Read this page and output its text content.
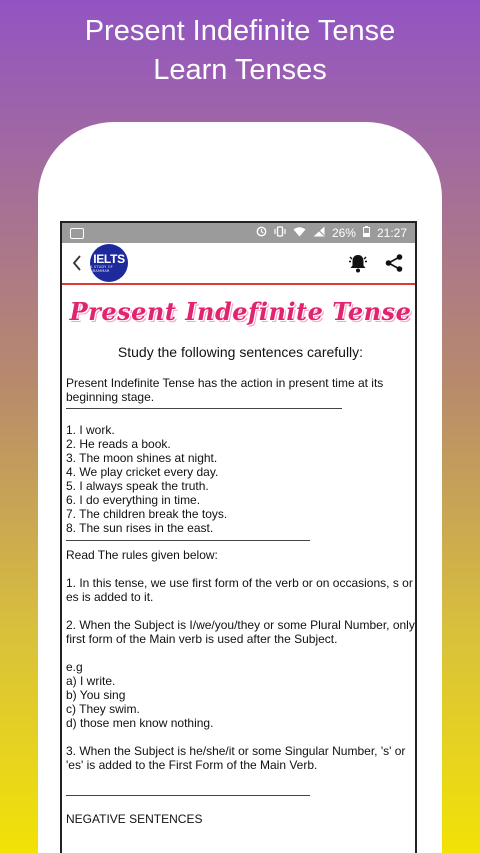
Present Indefinite Tense
Learn Tenses
26% 21:27
IELTS
A STUDY OF GRAMMAR
Present Indefinite Tense
Study the following sentences carefully:
Present Indefinite Tense has the action in present time at its beginning stage.
1. I work.
2. He reads a book.
3. The moon shines at night.
4. We play cricket every day.
5. I always speak the truth.
6. I do everything in time.
7. The children break the toys.
8. The sun rises in the east.
Read The rules given below:
1. In this tense, we use first form of the verb or on occasions, s or es is added to it.
2. When the Subject is I/we/you/they or some Plural Number, only first form of the Main verb is used after the Subject.
e.g
a) I write.
b) You sing
c) They swim.
d) those men know nothing.
3. When the Subject is he/she/it or some Singular Number, 's' or 'es' is added to the First Form of the Main Verb.
NEGATIVE SENTENCES
